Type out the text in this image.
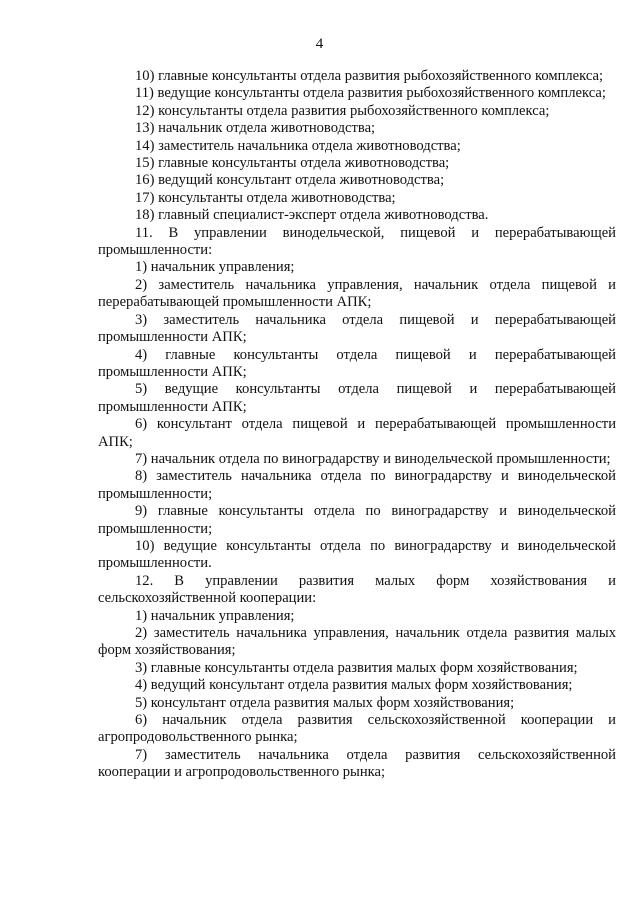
4

10) главные консультанты отдела развития рыбохозяйственного комплекса;

11) ведущие консультанты отдела развития рыбохозяйственного комплекса;

12) консультанты отдела развития рыбохозяйственного комплекса;

13) начальник отдела животноводства;

14) заместитель начальника отдела животноводства;

15) главные консультанты отдела животноводства;

16) ведущий консультант отдела животноводства;

17) консультанты отдела животноводства;

18) главный специалист-эксперт отдела животноводства.

11. В управлении винодельческой, пищевой и перерабатывающей промышленности:

1) начальник управления;

2) заместитель начальника управления, начальник отдела пищевой и перерабатывающей промышленности АПК;

3) заместитель начальника отдела пищевой и перерабатывающей промышленности АПК;

4) главные консультанты отдела пищевой и перерабатывающей промышленности АПК;

5) ведущие консультанты отдела пищевой и перерабатывающей промышленности АПК;

6) консультант отдела пищевой и перерабатывающей промышленности АПК;

7) начальник отдела по виноградарству и винодельческой промышленности;

8) заместитель начальника отдела по виноградарству и винодельческой промышленности;

9) главные консультанты отдела по виноградарству и винодельческой промышленности;

10) ведущие консультанты отдела по виноградарству и винодельческой промышленности.

12. В управлении развития малых форм хозяйствования и сельскохозяйственной кооперации:

1) начальник управления;

2) заместитель начальника управления, начальник отдела развития малых форм хозяйствования;

3) главные консультанты отдела развития малых форм хозяйствования;

4) ведущий консультант отдела развития малых форм хозяйствования;

5) консультант отдела развития малых форм хозяйствования;

6) начальник отдела развития сельскохозяйственной кооперации и агропродовольственного рынка;

7) заместитель начальника отдела развития сельскохозяйственной кооперации и агропродовольственного рынка;
